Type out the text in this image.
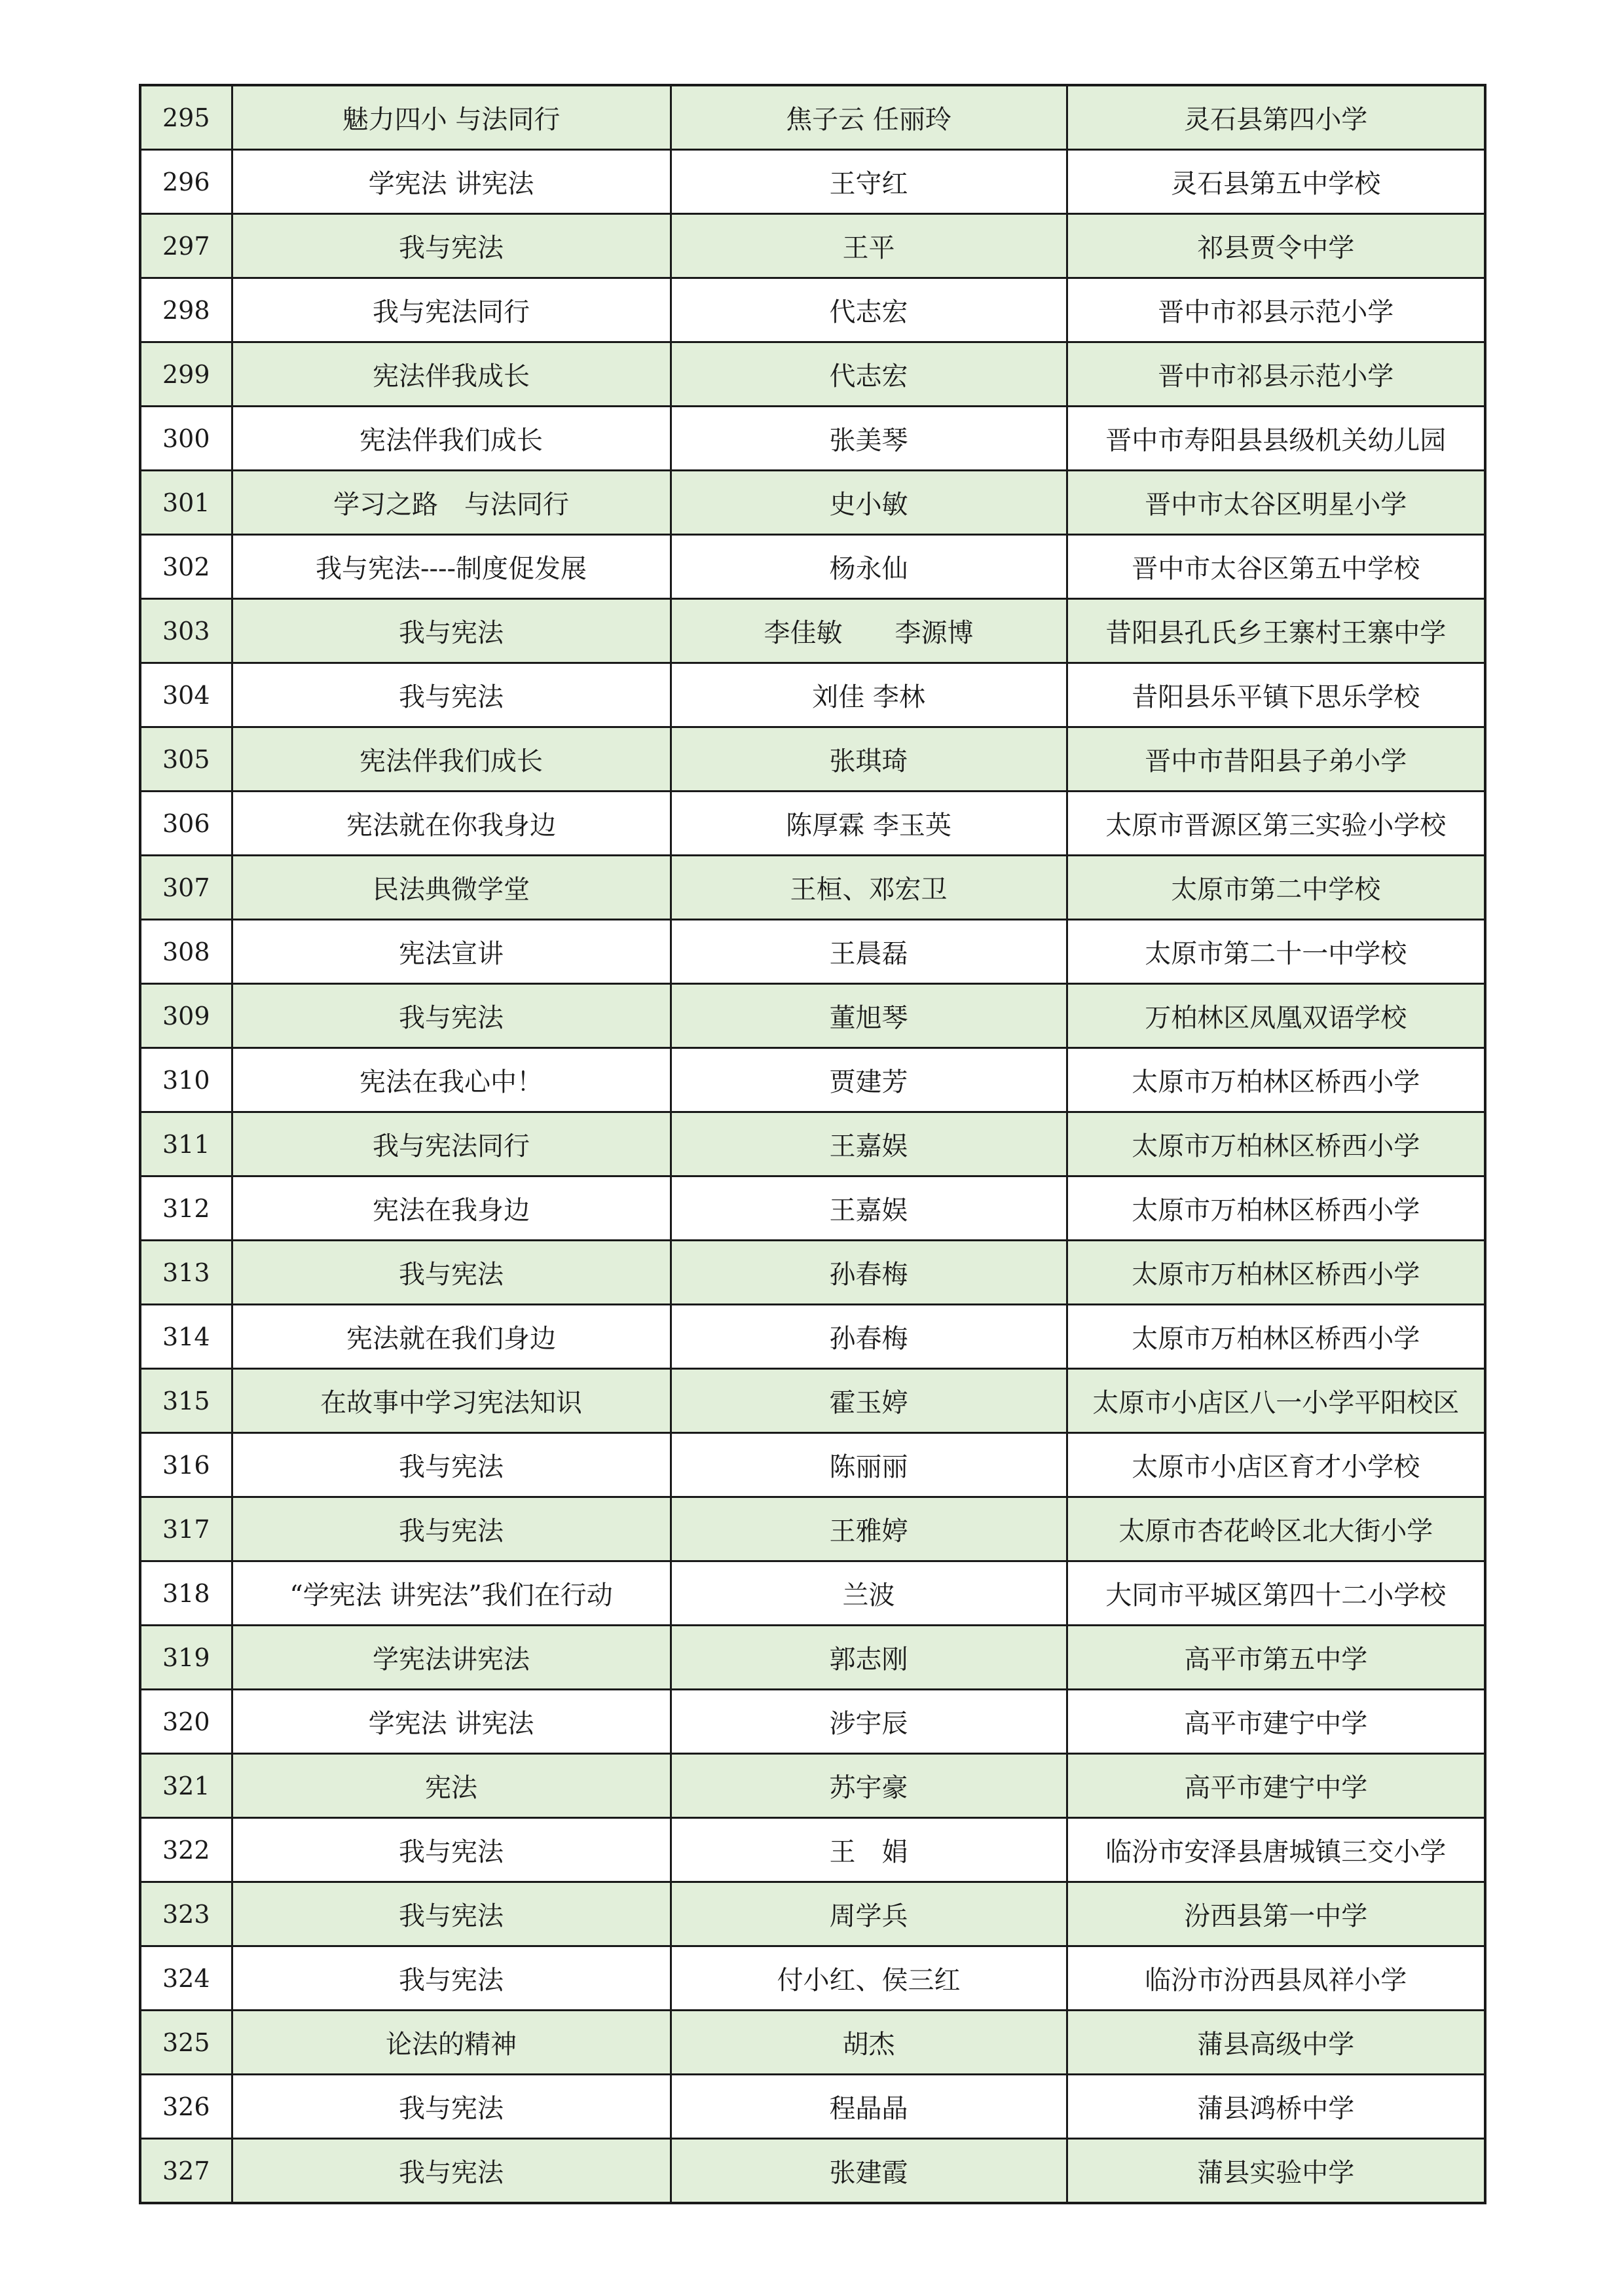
295	魅力四小 与法同行	焦子云 任丽玲	灵石县第四小学
296	学宪法 讲宪法	王守红	灵石县第五中学校
297	我与宪法	王平	祁县贾令中学
298	我与宪法同行	代志宏	晋中市祁县示范小学
299	宪法伴我成长	代志宏	晋中市祁县示范小学
300	宪法伴我们成长	张美琴	晋中市寿阳县县级机关幼儿园
301	学习之路　与法同行	史小敏	晋中市太谷区明星小学
302	我与宪法----制度促发展	杨永仙	晋中市太谷区第五中学校
303	我与宪法	李佳敏　　李源博	昔阳县孔氏乡王寨村王寨中学
304	我与宪法	刘佳 李林	昔阳县乐平镇下思乐学校
305	宪法伴我们成长	张琪琦	晋中市昔阳县子弟小学
306	宪法就在你我身边	陈厚霖 李玉英	太原市晋源区第三实验小学校
307	民法典微学堂	王桓、邓宏卫	太原市第二中学校
308	宪法宣讲	王晨磊	太原市第二十一中学校
309	我与宪法	董旭琴	万柏林区凤凰双语学校
310	宪法在我心中！	贾建芳	太原市万柏林区桥西小学
311	我与宪法同行	王嘉娱	太原市万柏林区桥西小学
312	宪法在我身边	王嘉娱	太原市万柏林区桥西小学
313	我与宪法	孙春梅	太原市万柏林区桥西小学
314	宪法就在我们身边	孙春梅	太原市万柏林区桥西小学
315	在故事中学习宪法知识	霍玉婷	太原市小店区八一小学平阳校区
316	我与宪法	陈丽丽	太原市小店区育才小学校
317	我与宪法	王雅婷	太原市杏花岭区北大街小学
318	“学宪法 讲宪法”我们在行动	兰波	大同市平城区第四十二小学校
319	学宪法讲宪法	郭志刚	高平市第五中学
320	学宪法 讲宪法	涉宇辰	高平市建宁中学
321	宪法	苏宇豪	高平市建宁中学
322	我与宪法	王　娟	临汾市安泽县唐城镇三交小学
323	我与宪法	周学兵	汾西县第一中学
324	我与宪法	付小红、侯三红	临汾市汾西县凤祥小学
325	论法的精神	胡杰	蒲县高级中学
326	我与宪法	程晶晶	蒲县鸿桥中学
327	我与宪法	张建霞	蒲县实验中学
